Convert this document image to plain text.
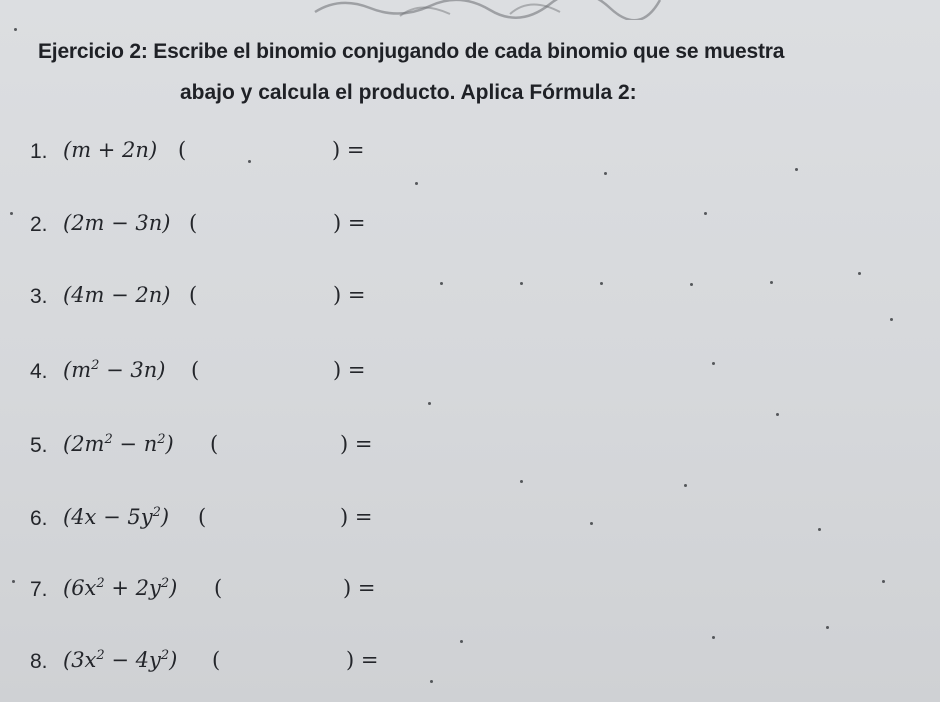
Ejercicio 2: Escribe el binomio conjugando de cada binomio que se muestra
abajo y calcula el producto. Aplica Fórmula 2:
1. (m + 2n) (	) =
2. (2m − 3n) (	) =
3. (4m − 2n) (	) =
4. $(m^2 - 3n)$ (	) =
5. $(2m^2 - n^2)$ (	) =
6. $(4x - 5y^2)$ (	) =
7. $(6x^2 + 2y^2)$ (	) =
8. $(3x^2 - 4y^2)$ (	) =
